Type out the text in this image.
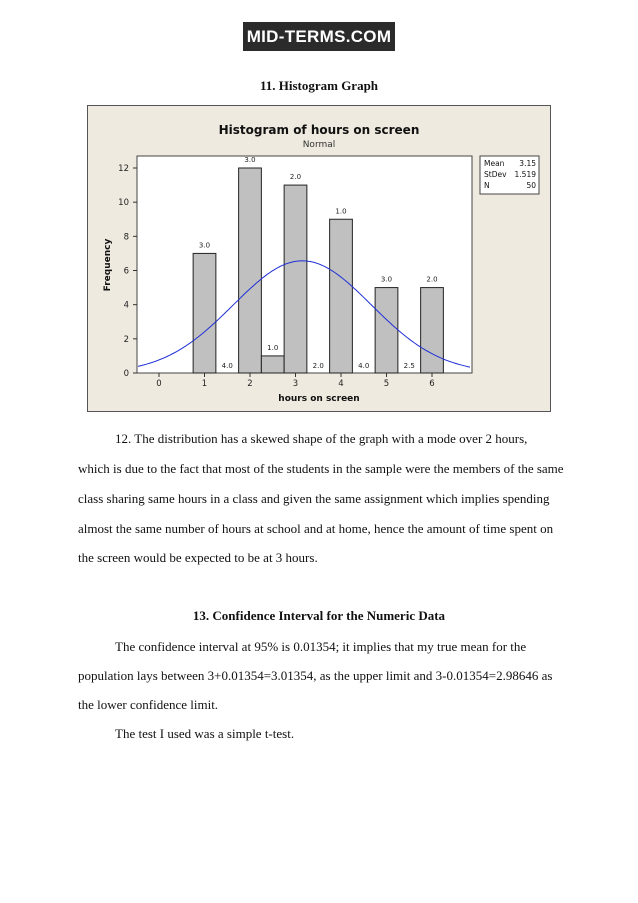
MID-TERMS.COM
11. Histogram Graph
Histogram of hours on screen
Normal
3.0
3.0
1.0
2.0
1.0
3.0	2.0
4.0	2.0	4.0	2.5
0	1	2	3	4	5	6
0
2
4
6
8
10
12
hours on screen
Frequency
Mean 3.15
StDev 1.519
N	50
12. The distribution has a skewed shape of the graph with a mode over 2 hours,
which is due to the fact that most of the students in the sample were the members of the same
class sharing same hours in a class and given the same assignment which implies spending
almost the same number of hours at school and at home, hence the amount of time spent on
the screen would be expected to be at 3 hours.
13. Confidence Interval for the Numeric Data
The confidence interval at 95% is 0.01354; it implies that my true mean for the
population lays between 3+0.01354=3.01354, as the upper limit and 3-0.01354=2.98646 as
the lower confidence limit.
The test I used was a simple t-test.
